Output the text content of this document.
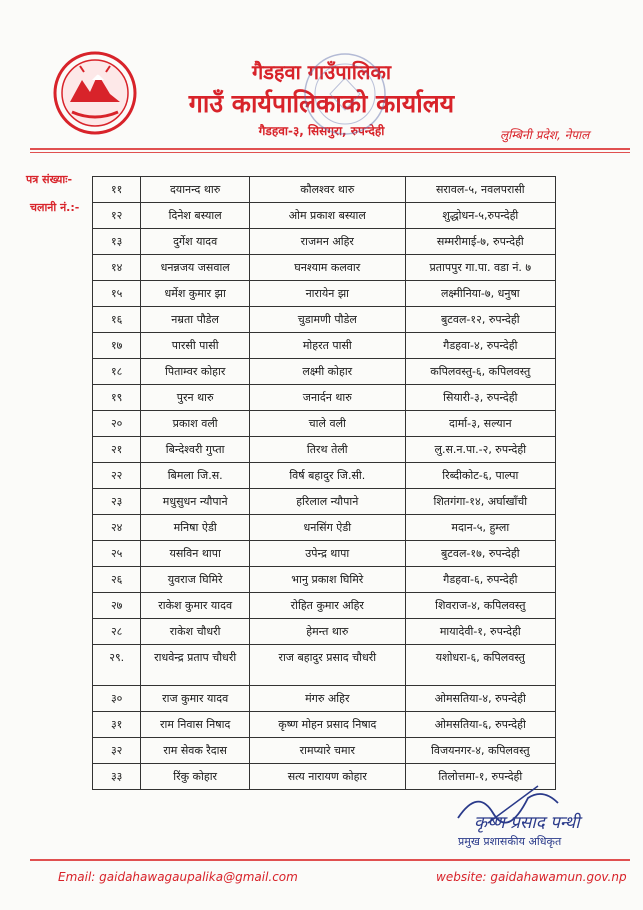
गैडहवा गाउँपालिका
गाउँ कार्यपालिकाको कार्यालय
गैडहवा-३, सिसगुरा, रुपन्देही	लुम्बिनी प्रदेश, नेपाल
पत्र संख्याः-
चलानी नं.:-
११	दयानन्द थारु	कौलश्वर थारु	सरावल-५, नवलपरासी
१२	दिनेश बस्याल	ओम प्रकाश बस्याल	शुद्धोधन-५,रुपन्देही
१३	दुर्गेश यादव	राजमन अहिर	सम्मरीमाई-७, रुपन्देही
१४	धनन्नजय जसवाल	घनश्याम कलवार	प्रतापपुर गा.पा. वडा नं. ७
१५	धर्मेश कुमार झा	नारायेन झा	लक्ष्मीनिया-७, धनुषा
१६	नम्रता पौडेल	चुडामणी पौडेल	बुटवल-१२, रुपन्देही
१७	पारसी पासी	मोहरत पासी	गैडहवा-४, रुपन्देही
१८	पिताम्वर कोहार	लक्ष्मी कोहार	कपिलवस्तु-६, कपिलवस्तु
१९	पुरन थारु	जनार्दन थारु	सियारी-३, रुपन्देही
२०	प्रकाश वली	चाले वली	दार्मा-३, सल्यान
२१	बिन्देश्वरी गुप्ता	तिरथ तेली	लु.स.न.पा.-२, रुपन्देही
२२	बिमला जि.स.	विर्ष बहादुर जि.सी.	रिब्दीकोट-६, पाल्पा
२३	मधुसुधन न्यौपाने	हरिलाल न्यौपाने	शितगंगा-१४, अर्घाखाँची
२४	मनिषा ऐडी	धनसिंग ऐडी	मदान-५, हुम्ला
२५	यसविन थापा	उपेन्द्र थापा	बुटवल-१७, रुपन्देही
२६	युवराज घिमिरे	भानु प्रकाश घिमिरे	गैडहवा-६, रुपन्देही
२७	राकेश कुमार यादव	रोहित कुमार अहिर	शिवराज-४, कपिलवस्तु
२८	राकेश चौधरी	हेमन्त थारु	मायादेवी-१, रुपन्देही
२९.	राधवेन्द्र प्रताप चौधरी	राज बहादुर प्रसाद चौधरी	यशोधरा-६, कपिलवस्तु
३०	राज कुमार यादव	मंगरु अहिर	ओमसतिया-४, रुपन्देही
३१	राम निवास निषाद	कृष्ण मोहन प्रसाद निषाद	ओमसतिया-६, रुपन्देही
३२	राम सेवक रैदास	रामप्यारे चमार	विजयनगर-४, कपिलवस्तु
३३	रिंकु कोहार	सत्य नारायण कोहार	तिलोत्तमा-१, रुपन्देही
कृष्ण प्रसाद पन्थी
प्रमुख प्रशासकीय अधिकृत
Email: gaidahawagaupalika@gmail.com	website: gaidahawamun.gov.np
